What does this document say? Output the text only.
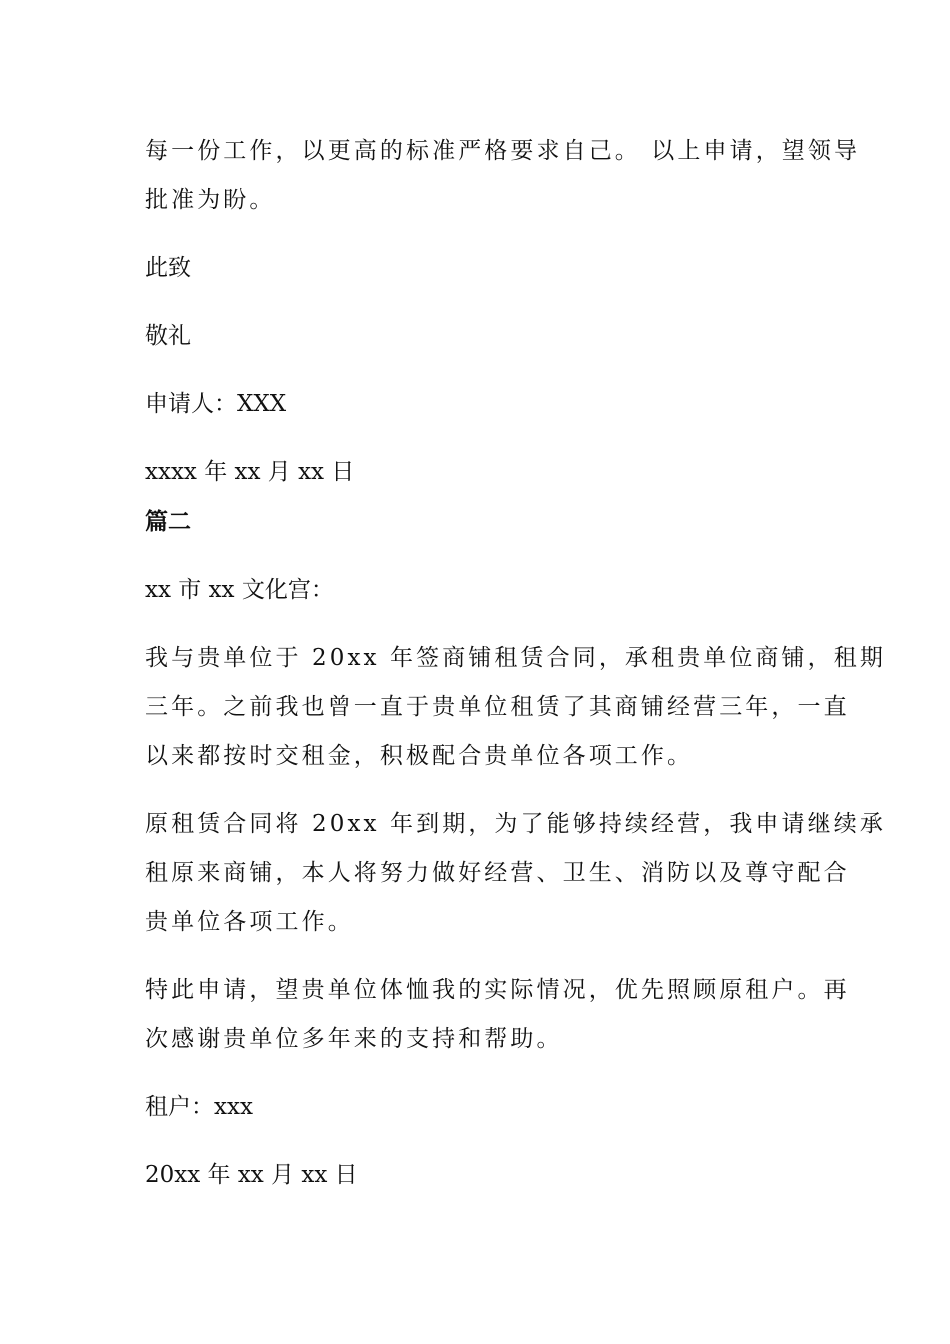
每一份工作，以更高的标准严格要求自己。 以上申请，望领导
批准为盼。
此致
敬礼
申请人：XXX
xxxx 年 xx 月 xx 日
篇二
xx 市 xx 文化宫：
我与贵单位于 20xx 年签商铺租赁合同，承租贵单位商铺，租期
三年。之前我也曾一直于贵单位租赁了其商铺经营三年，一直
以来都按时交租金，积极配合贵单位各项工作。
原租赁合同将 20xx 年到期，为了能够持续经营，我申请继续承
租原来商铺，本人将努力做好经营、卫生、消防以及尊守配合
贵单位各项工作。
特此申请，望贵单位体恤我的实际情况，优先照顾原租户。再
次感谢贵单位多年来的支持和帮助。
租户：xxx
20xx 年 xx 月 xx 日
